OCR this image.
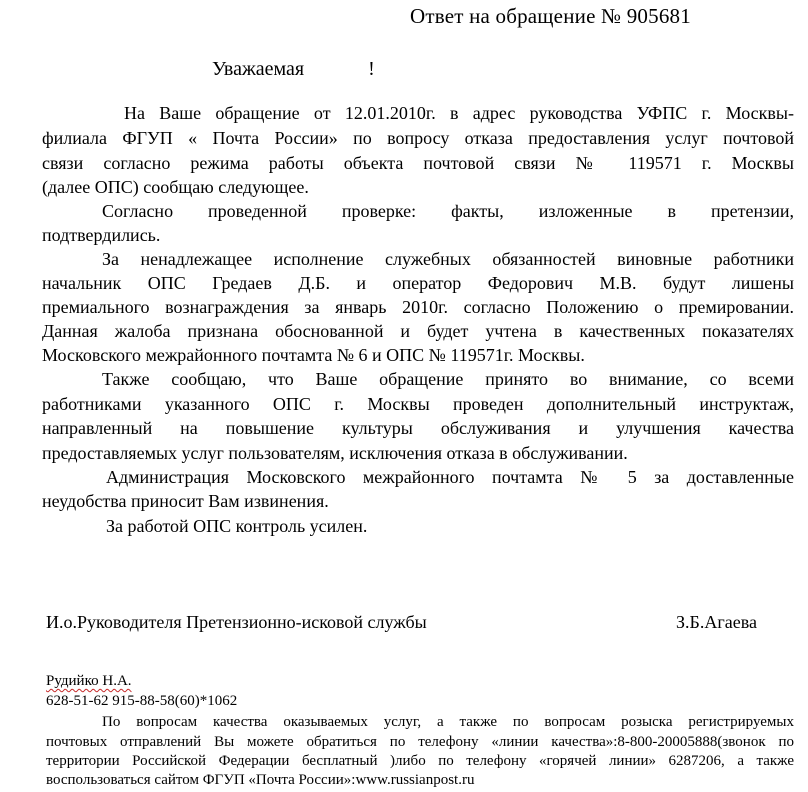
Ответ на обращение № 905681
Уважаемая	!
На Ваше обращение от 12.01.2010г. в адрес руководства УФПС г. Москвы-
филиала ФГУП « Почта России» по вопросу отказа предоставления услуг почтовой
связи согласно режима работы объекта почтовой связи № 119571 г. Москвы
(далее ОПС) сообщаю следующее.
Согласно проведенной проверке: факты, изложенные в претензии,
подтвердились.
За ненадлежащее исполнение служебных обязанностей виновные работники
начальник ОПС Гредаев Д.Б. и оператор Федорович М.В. будут лишены
премиального вознаграждения за январь 2010г. согласно Положению о премировании.
Данная жалоба признана обоснованной и будет учтена в качественных показателях
Московского межрайонного почтамта № 6 и ОПС № 119571г. Москвы.
Также сообщаю, что Ваше обращение принято во внимание, со всеми
работниками указанного ОПС г. Москвы проведен дополнительный инструктаж,
направленный на повышение культуры обслуживания и улучшения качества
предоставляемых услуг пользователям, исключения отказа в обслуживании.
Администрация Московского межрайонного почтамта № 5 за доставленные
неудобства приносит Вам извинения.
За работой ОПС контроль усилен.
И.о.Руководителя Претензионно-исковой службы	З.Б.Агаева
Рудийко Н.А.
628-51-62 915-88-58(60)*1062
По вопросам качества оказываемых услуг, а также по вопросам розыска регистрируемых
почтовых отправлений Вы можете обратиться по телефону «линии качества»:8-800-20005888(звонок по
территории Российской Федерации бесплатный )либо по телефону «горячей линии» 6287206, а также
воспользоваться сайтом ФГУП «Почта России»:www.russianpost.ru
